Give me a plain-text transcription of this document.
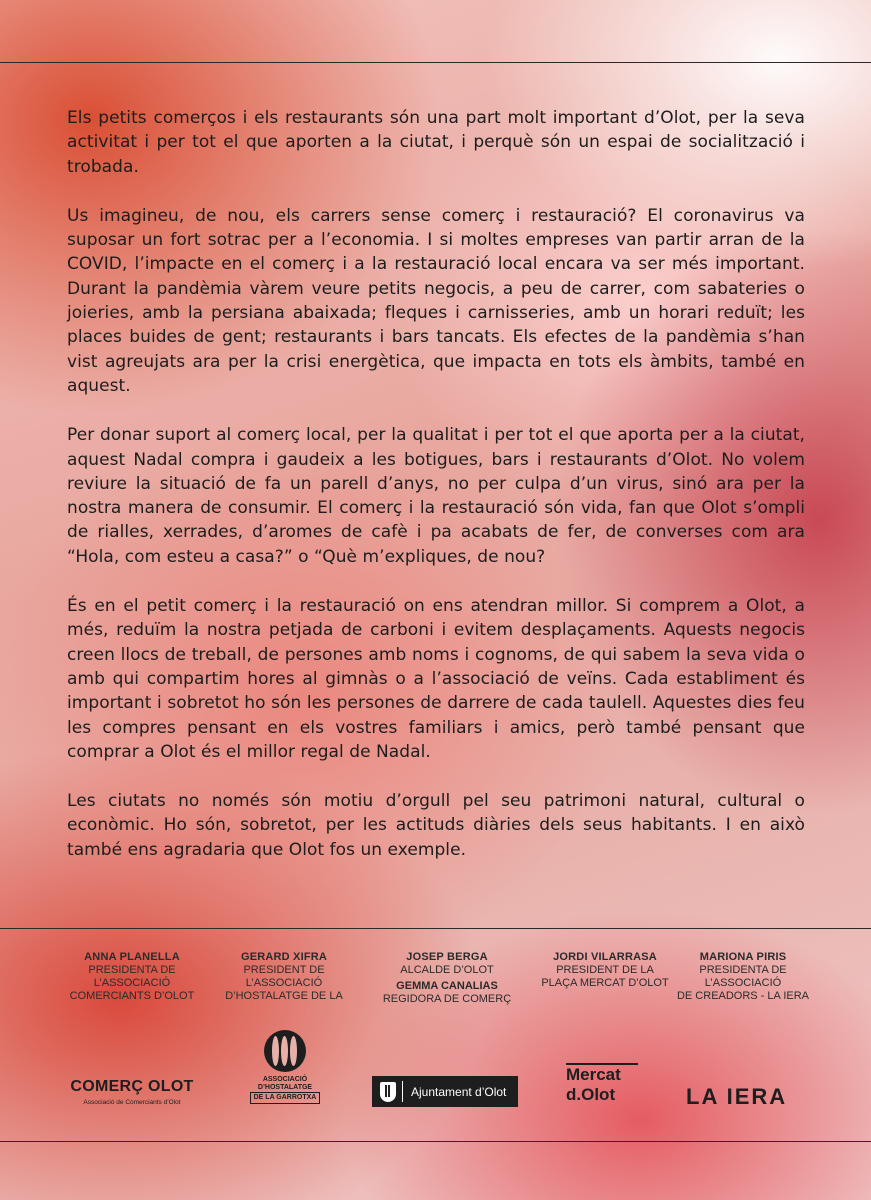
Els petits comerços i els restaurants són una part molt important d’Olot, per la seva activitat i per tot el que aporten a la ciutat, i perquè són un espai de socialització i trobada.

Us imagineu, de nou, els carrers sense comerç i restauració? El coronavirus va suposar un fort sotrac per a l’economia. I si moltes empreses van partir arran de la COVID, l’impacte en el comerç i a la restauració local encara va ser més important. Durant la pandèmia vàrem veure petits negocis, a peu de carrer, com sabateries o joieries, amb la persiana abaixada; fleques i carnisseries, amb un horari reduït; les places buides de gent; restaurants i bars tancats. Els efectes de la pandèmia s’han vist agreujats ara per la crisi energètica, que impacta en tots els àmbits, també en aquest.

Per donar suport al comerç local, per la qualitat i per tot el que aporta per a la ciutat, aquest Nadal compra i gaudeix a les botigues, bars i restaurants d’Olot. No volem reviure la situació de fa un parell d’anys, no per culpa d’un virus, sinó ara per la nostra manera de consumir. El comerç i la restauració són vida, fan que Olot s’ompli de rialles, xerrades, d’aromes de cafè i pa acabats de fer, de converses com ara “Hola, com esteu a casa?” o “Què m’expliques, de nou?

És en el petit comerç i la restauració on ens atendran millor. Si comprem a Olot, a més, reduïm la nostra petjada de carboni i evitem desplaçaments. Aquests negocis creen llocs de treball, de persones amb noms i cognoms, de qui sabem la seva vida o amb qui compartim hores al gimnàs o a l’associació de veïns. Cada establiment és important i sobretot ho són les persones de darrere de cada taulell. Aquestes dies feu les compres pensant en els vostres familiars i amics, però també pensant que comprar a Olot és el millor regal de Nadal.

Les ciutats no només són motiu d’orgull pel seu patrimoni natural, cultural o econòmic. Ho són, sobretot, per les actituds diàries dels seus habitants. I en això també ens agradaria que Olot fos un exemple.

ANNA PLANELLA
PRESIDENTA DE L’ASSOCIACIÓ
COMERCIANTS D’OLOT
GERARD XIFRA
PRESIDENT DE L’ASSOCIACIÓ
D’HOSTALATGE DE LA
JOSEP BERGA
ALCALDE D’OLOT
GEMMA CANALIAS
REGIDORA DE COMERÇ
JORDI VILARRASA
PRESIDENT DE LA
PLAÇA MERCAT D’OLOT
MARIONA PIRIS
PRESIDENTA DE L’ASSOCIACIÓ
DE CREADORS - LA IERA
COMERÇ OLOT
Associació de Comerciants d’Olot
ASSOCIACIÓ
D’HOSTALATGE
DE LA GARROTXA	Ajuntament d’Olot
Mercat
d.Olot	LA IERA
